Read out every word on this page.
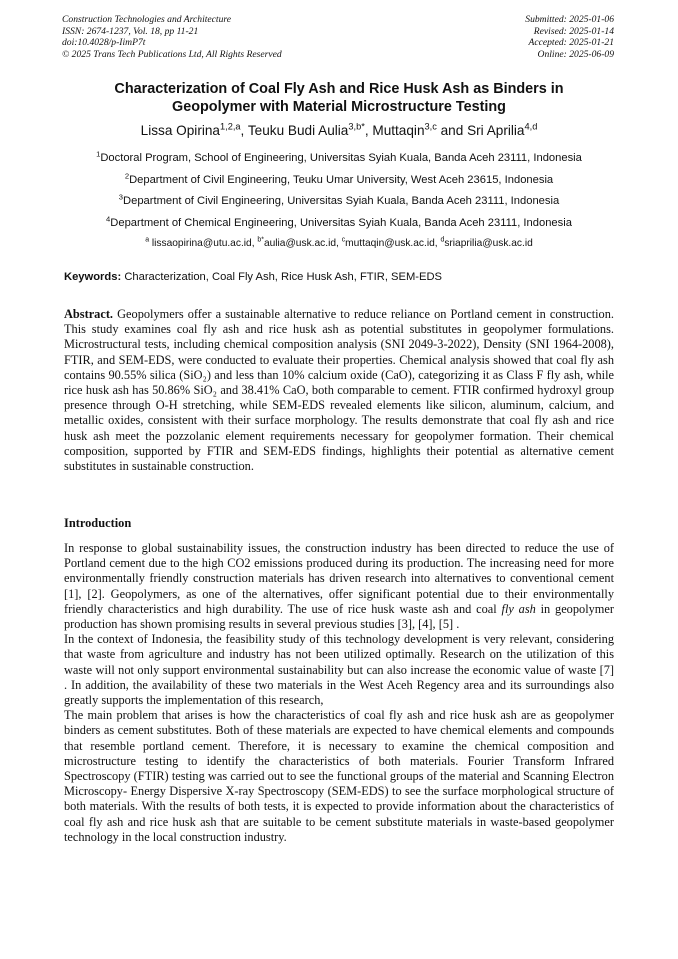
Construction Technologies and Architecture
ISSN: 2674-1237, Vol. 18, pp 11-21
doi:10.4028/p-IimP7t
© 2025 Trans Tech Publications Ltd, All Rights Reserved
Submitted: 2025-01-06
Revised: 2025-01-14
Accepted: 2025-01-21
Online: 2025-06-09
Characterization of Coal Fly Ash and Rice Husk Ash as Binders in
Geopolymer with Material Microstructure Testing
Lissa Opirina$^{1,2,a}$, Teuku Budi Aulia$^{3,b*}$, Muttaqin$^{3,c}$ and Sri Aprilia$^{4,d}$
$^1$Doctoral Program, School of Engineering, Universitas Syiah Kuala, Banda Aceh 23111, Indonesia
$^2$Department of Civil Engineering, Teuku Umar University, West Aceh 23615, Indonesia
$^3$Department of Civil Engineering, Universitas Syiah Kuala, Banda Aceh 23111, Indonesia
$^4$Department of Chemical Engineering, Universitas Syiah Kuala, Banda Aceh 23111, Indonesia
$^a$ lissaopirina@utu.ac.id, $^{b*}$aulia@usk.ac.id, $^c$muttaqin@usk.ac.id, $^d$sriaprilia@usk.ac.id
Keywords: Characterization, Coal Fly Ash, Rice Husk Ash, FTIR, SEM-EDS
Abstract. Geopolymers offer a sustainable alternative to reduce reliance on Portland cement in construction. This study examines coal fly ash and rice husk ash as potential substitutes in geopolymer formulations. Microstructural tests, including chemical composition analysis (SNI 2049-3-2022), Density (SNI 1964-2008), FTIR, and SEM-EDS, were conducted to evaluate their properties. Chemical analysis showed that coal fly ash contains 90.55% silica (SiO₂) and less than 10% calcium oxide (CaO), categorizing it as Class F fly ash, while rice husk ash has 50.86% SiO₂ and 38.41% CaO, both comparable to cement. FTIR confirmed hydroxyl group presence through O-H stretching, while SEM-EDS revealed elements like silicon, aluminum, calcium, and metallic oxides, consistent with their surface morphology. The results demonstrate that coal fly ash and rice husk ash meet the pozzolanic element requirements necessary for geopolymer formation. Their chemical composition, supported by FTIR and SEM-EDS findings, highlights their potential as alternative cement substitutes in sustainable construction.
Introduction

In response to global sustainability issues, the construction industry has been directed to reduce the use of Portland cement due to the high CO2 emissions produced during its production. The increasing need for more environmentally friendly construction materials has driven research into alternatives to conventional cement [1], [2]. Geopolymers, as one of the alternatives, offer significant potential due to their environmentally friendly characteristics and high durability. The use of rice husk waste ash and coal fly ash in geopolymer production has shown promising results in several previous studies [3], [4], [5] .

In the context of Indonesia, the feasibility study of this technology development is very relevant, considering that waste from agriculture and industry has not been utilized optimally. Research on the utilization of this waste will not only support environmental sustainability but can also increase the economic value of waste [7] . In addition, the availability of these two materials in the West Aceh Regency area and its surroundings also greatly supports the implementation of this research,

The main problem that arises is how the characteristics of coal fly ash and rice husk ash are as geopolymer binders as cement substitutes. Both of these materials are expected to have chemical elements and compounds that resemble portland cement. Therefore, it is necessary to examine the chemical composition and microstructure testing to identify the characteristics of both materials. Fourier Transform Infrared Spectroscopy (FTIR) testing was carried out to see the functional groups of the material and Scanning Electron Microscopy- Energy Dispersive X-ray Spectroscopy (SEM-EDS) to see the surface morphological structure of both materials. With the results of both tests, it is expected to provide information about the characteristics of coal fly ash and rice husk ash that are suitable to be cement substitute materials in waste-based geopolymer technology in the local construction industry.
